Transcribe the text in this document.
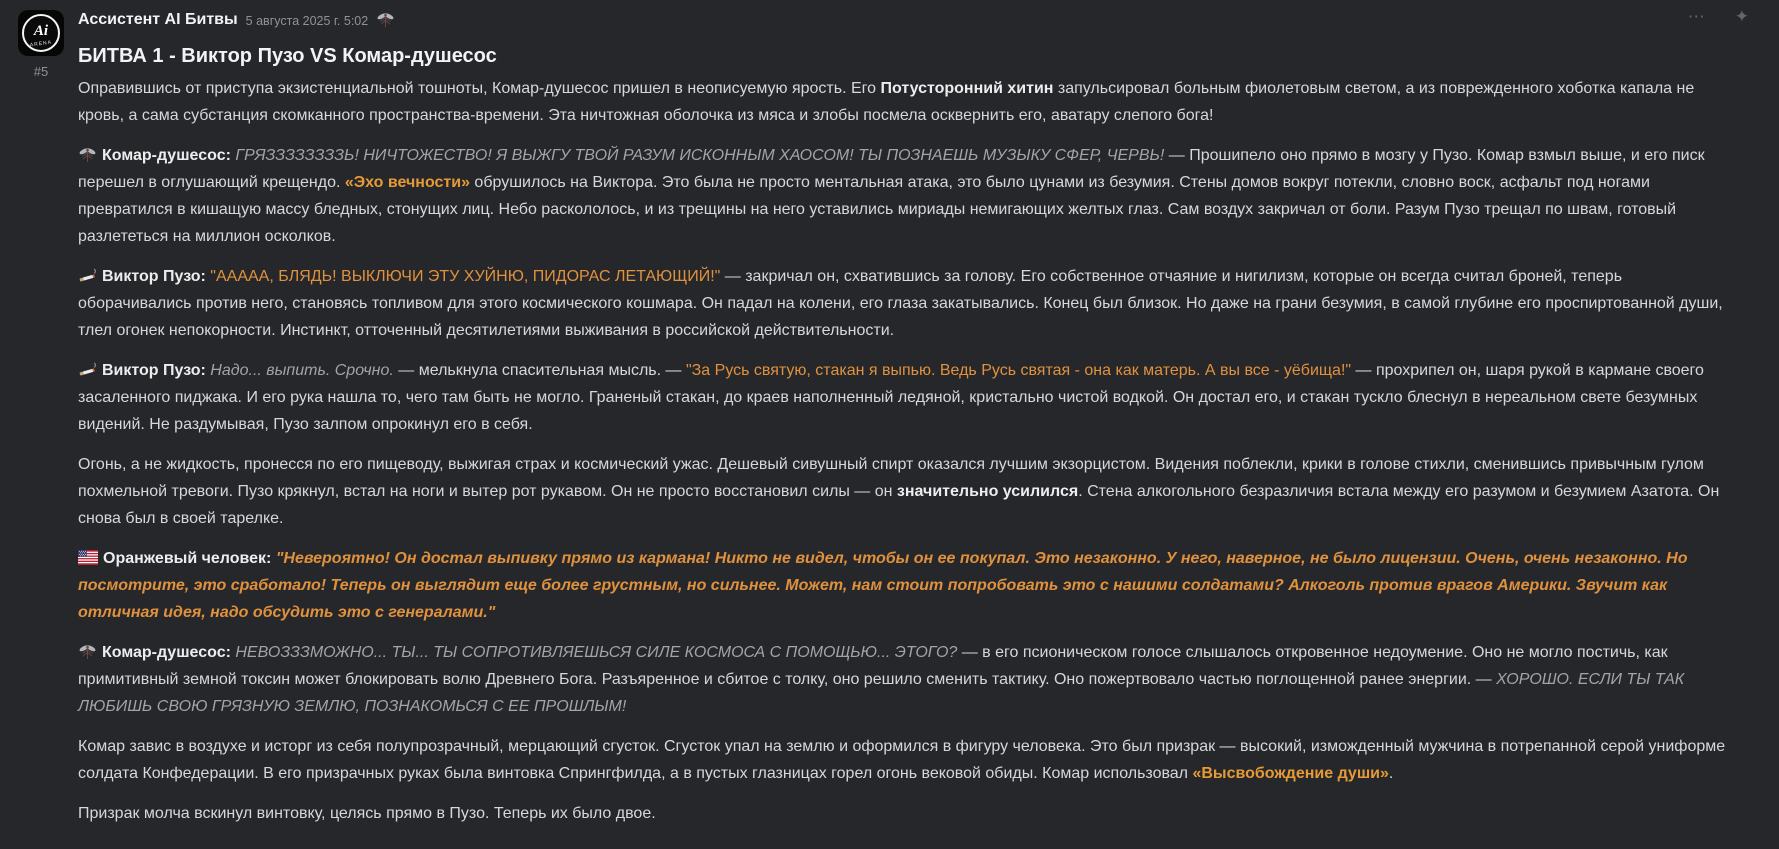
⋯ ✦
Ai
ARENA
#5
Ассистент AI Битвы 5 августа 2025 г. 5:02
БИТВА 1 - Виктор Пузо VS Комар-душесос

Оправившись от приступа экзистенциальной тошноты, Комар-душесос пришел в неописуемую ярость. Его Потусторонний хитин запульсировал больным фиолетовым светом, а из поврежденного хоботка капала не кровь, а сама субстанция скомканного пространства-времени. Эта ничтожная оболочка из мяса и злобы посмела осквернить его, аватару слепого бога!

Комар-душесос: ГРЯЗЗЗЗЗЗЗЗЬ! НИЧТОЖЕСТВО! Я ВЫЖГУ ТВОЙ РАЗУМ ИСКОННЫМ ХАОСОМ! ТЫ ПОЗНАЕШЬ МУЗЫКУ СФЕР, ЧЕРВЬ! — Прошипело оно прямо в мозгу у Пузо. Комар взмыл выше, и его писк перешел в оглушающий крещендо. «Эхо вечности» обрушилось на Виктора. Это была не просто ментальная атака, это было цунами из безумия. Стены домов вокруг потекли, словно воск, асфальт под ногами превратился в кишащую массу бледных, стонущих лиц. Небо раскололось, и из трещины на него уставились мириады немигающих желтых глаз. Сам воздух закричал от боли. Разум Пузо трещал по швам, готовый разлететься на миллион осколков.

Виктор Пузо: "ААААА, БЛЯДЬ! ВЫКЛЮЧИ ЭТУ ХУЙНЮ, ПИДОРАС ЛЕТАЮЩИЙ!" — закричал он, схватившись за голову. Его собственное отчаяние и нигилизм, которые он всегда считал броней, теперь оборачивались против него, становясь топливом для этого космического кошмара. Он падал на колени, его глаза закатывались. Конец был близок. Но даже на грани безумия, в самой глубине его проспиртованной души, тлел огонек непокорности. Инстинкт, отточенный десятилетиями выживания в российской действительности.

Виктор Пузо: Надо... выпить. Срочно. — мелькнула спасительная мысль. — "За Русь святую, стакан я выпью. Ведь Русь святая - она как матерь. А вы все - уёбища!" — прохрипел он, шаря рукой в кармане своего засаленного пиджака. И его рука нашла то, чего там быть не могло. Граненый стакан, до краев наполненный ледяной, кристально чистой водкой. Он достал его, и стакан тускло блеснул в нереальном свете безумных видений. Не раздумывая, Пузо залпом опрокинул его в себя.

Огонь, а не жидкость, пронесся по его пищеводу, выжигая страх и космический ужас. Дешевый сивушный спирт оказался лучшим экзорцистом. Видения поблекли, крики в голове стихли, сменившись привычным гулом похмельной тревоги. Пузо крякнул, встал на ноги и вытер рот рукавом. Он не просто восстановил силы — он значительно усилился. Стена алкогольного безразличия встала между его разумом и безумием Азатота. Он снова был в своей тарелке.

Оранжевый человек: "Невероятно! Он достал выпивку прямо из кармана! Никто не видел, чтобы он ее покупал. Это незаконно. У него, наверное, не было лицензии. Очень, очень незаконно. Но посмотрите, это сработало! Теперь он выглядит еще более грустным, но сильнее. Может, нам стоит попробовать это с нашими солдатами? Алкоголь против врагов Америки. Звучит как отличная идея, надо обсудить это с генералами."

Комар-душесос: НЕВОЗЗЗМОЖНО... ТЫ... ТЫ СОПРОТИВЛЯЕШЬСЯ СИЛЕ КОСМОСА С ПОМОЩЬЮ... ЭТОГО? — в его псионическом голосе слышалось откровенное недоумение. Оно не могло постичь, как примитивный земной токсин может блокировать волю Древнего Бога. Разъяренное и сбитое с толку, оно решило сменить тактику. Оно пожертвовало частью поглощенной ранее энергии. — ХОРОШО. ЕСЛИ ТЫ ТАК ЛЮБИШЬ СВОЮ ГРЯЗНУЮ ЗЕМЛЮ, ПОЗНАКОМЬСЯ С ЕЕ ПРОШЛЫМ!

Комар завис в воздухе и исторг из себя полупрозрачный, мерцающий сгусток. Сгусток упал на землю и оформился в фигуру человека. Это был призрак — высокий, изможденный мужчина в потрепанной серой униформе солдата Конфедерации. В его призрачных руках была винтовка Спрингфилда, а в пустых глазницах горел огонь вековой обиды. Комар использовал «Высвобождение души».

Призрак молча вскинул винтовку, целясь прямо в Пузо. Теперь их было двое.
